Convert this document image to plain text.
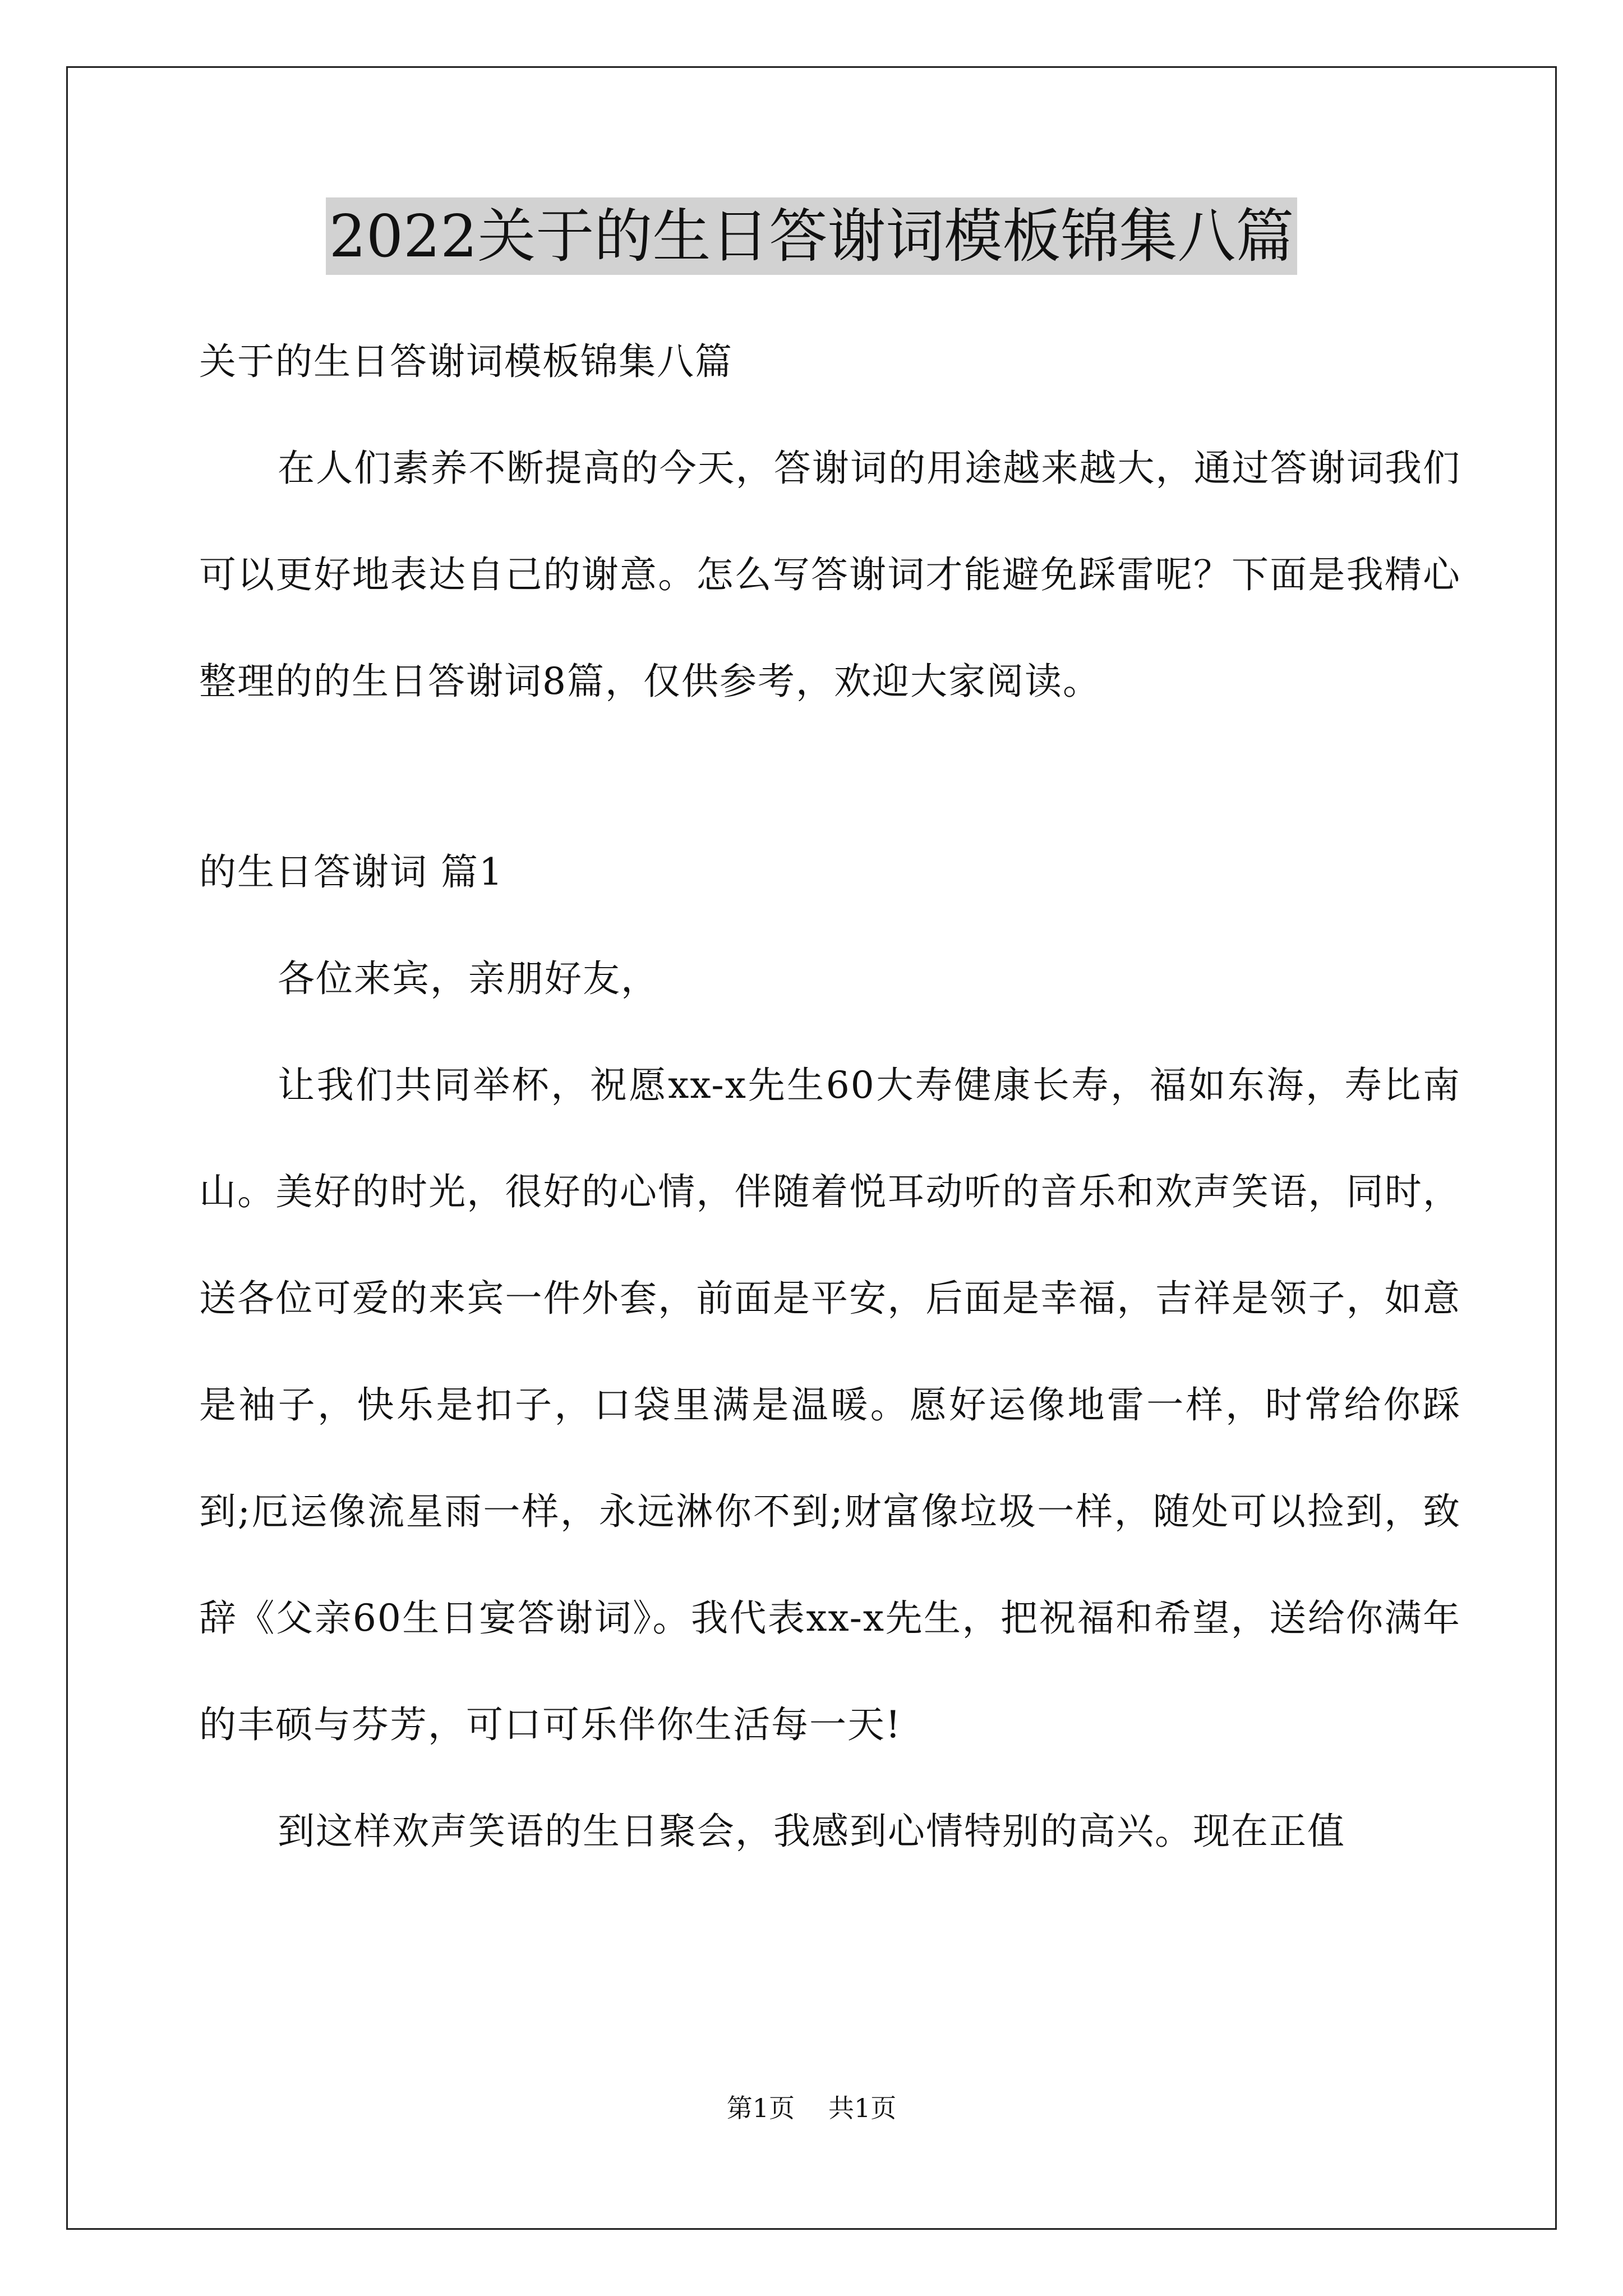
2022关于的生日答谢词模板锦集八篇

关于的生日答谢词模板锦集八篇

在人们素养不断提高的今天，答谢词的用途越来越大，通过答谢词我们可以更好地表达自己的谢意。怎么写答谢词才能避免踩雷呢？下面是我精心整理的的生日答谢词8篇，仅供参考，欢迎大家阅读。

的生日答谢词 篇1

各位来宾，亲朋好友，

让我们共同举杯，祝愿xx-x先生60大寿健康长寿，福如东海，寿比南山。美好的时光，很好的心情，伴随着悦耳动听的音乐和欢声笑语，同时，送各位可爱的来宾一件外套，前面是平安，后面是幸福，吉祥是领子，如意是袖子，快乐是扣子，口袋里满是温暖。愿好运像地雷一样，时常给你踩到;厄运像流星雨一样，永远淋你不到;财富像垃圾一样，随处可以捡到，致辞《父亲60生日宴答谢词》。我代表xx-x先生，把祝福和希望，送给你满年的丰硕与芬芳，可口可乐伴你生活每一天!

到这样欢声笑语的生日聚会，我感到心情特别的高兴。现在正值

第1页 共1页
